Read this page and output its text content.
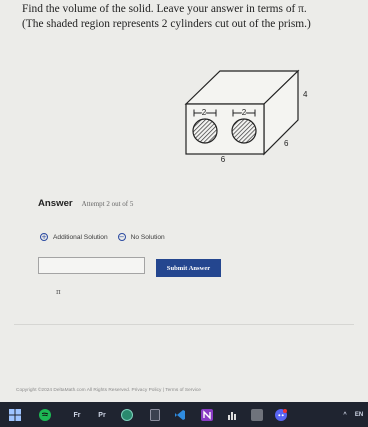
Find the volume of the solid. Leave your answer in terms of π.
(The shaded region represents 2 cylinders cut out of the prism.)
2	2
4
6
6
Answer Attempt 2 out of 5
+ Additional Solution − No Solution
Submit Answer
π
Copyright ©2024 DeltaMath.com All Rights Reserved. Privacy Policy | Terms of Service
Fr	Pr	^	EN
